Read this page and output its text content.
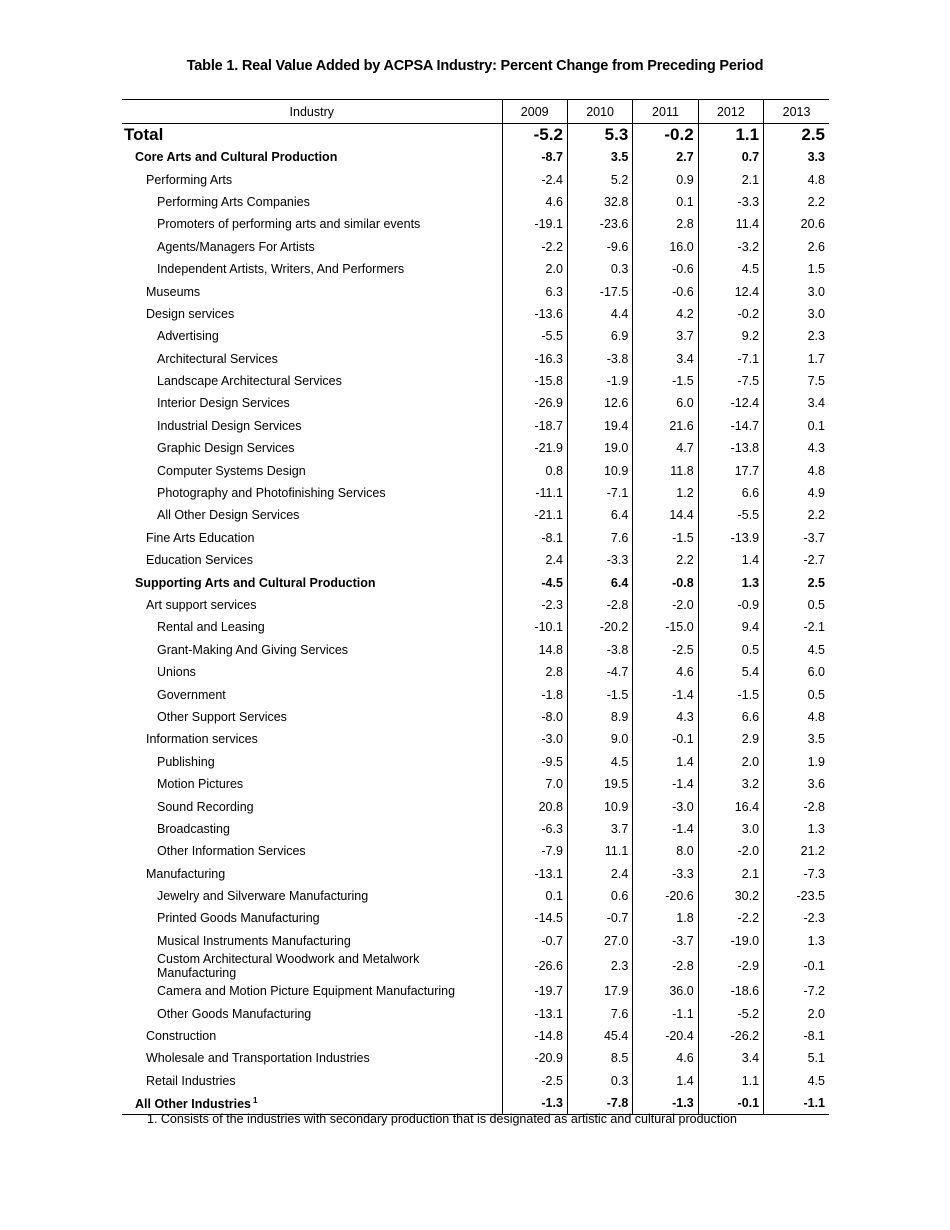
Table 1. Real Value Added by ACPSA Industry: Percent Change from Preceding Period
Industry	2009	2010	2011	2012	2013
Total	-5.2	5.3	-0.2	1.1	2.5
Core Arts and Cultural Production	-8.7	3.5	2.7	0.7	3.3
Performing Arts	-2.4	5.2	0.9	2.1	4.8
Performing Arts Companies	4.6	32.8	0.1	-3.3	2.2
Promoters of performing arts and similar events	-19.1	-23.6	2.8	11.4	20.6
Agents/Managers For Artists	-2.2	-9.6	16.0	-3.2	2.6
Independent Artists, Writers, And Performers	2.0	0.3	-0.6	4.5	1.5
Museums	6.3	-17.5	-0.6	12.4	3.0
Design services	-13.6	4.4	4.2	-0.2	3.0
Advertising	-5.5	6.9	3.7	9.2	2.3
Architectural Services	-16.3	-3.8	3.4	-7.1	1.7
Landscape Architectural Services	-15.8	-1.9	-1.5	-7.5	7.5
Interior Design Services	-26.9	12.6	6.0	-12.4	3.4
Industrial Design Services	-18.7	19.4	21.6	-14.7	0.1
Graphic Design Services	-21.9	19.0	4.7	-13.8	4.3
Computer Systems Design	0.8	10.9	11.8	17.7	4.8
Photography and Photofinishing Services	-11.1	-7.1	1.2	6.6	4.9
All Other Design Services	-21.1	6.4	14.4	-5.5	2.2
Fine Arts Education	-8.1	7.6	-1.5	-13.9	-3.7
Education Services	2.4	-3.3	2.2	1.4	-2.7
Supporting Arts and Cultural Production	-4.5	6.4	-0.8	1.3	2.5
Art support services	-2.3	-2.8	-2.0	-0.9	0.5
Rental and Leasing	-10.1	-20.2	-15.0	9.4	-2.1
Grant-Making And Giving Services	14.8	-3.8	-2.5	0.5	4.5
Unions	2.8	-4.7	4.6	5.4	6.0
Government	-1.8	-1.5	-1.4	-1.5	0.5
Other Support Services	-8.0	8.9	4.3	6.6	4.8
Information services	-3.0	9.0	-0.1	2.9	3.5
Publishing	-9.5	4.5	1.4	2.0	1.9
Motion Pictures	7.0	19.5	-1.4	3.2	3.6
Sound Recording	20.8	10.9	-3.0	16.4	-2.8
Broadcasting	-6.3	3.7	-1.4	3.0	1.3
Other Information Services	-7.9	11.1	8.0	-2.0	21.2
Manufacturing	-13.1	2.4	-3.3	2.1	-7.3
Jewelry and Silverware Manufacturing	0.1	0.6	-20.6	30.2	-23.5
Printed Goods Manufacturing	-14.5	-0.7	1.8	-2.2	-2.3
Musical Instruments Manufacturing	-0.7	27.0	-3.7	-19.0	1.3
Custom Architectural Woodwork and Metalwork Manufacturing	-26.6	2.3	-2.8	-2.9	-0.1
Camera and Motion Picture Equipment Manufacturing	-19.7	17.9	36.0	-18.6	-7.2
Other Goods Manufacturing	-13.1	7.6	-1.1	-5.2	2.0
Construction	-14.8	45.4	-20.4	-26.2	-8.1
Wholesale and Transportation Industries	-20.9	8.5	4.6	3.4	5.1
Retail Industries	-2.5	0.3	1.4	1.1	4.5
All Other Industries $^1$	-1.3	-7.8	-1.3	-0.1	-1.1
1. Consists of the industries with secondary production that is designated as artistic and cultural production
